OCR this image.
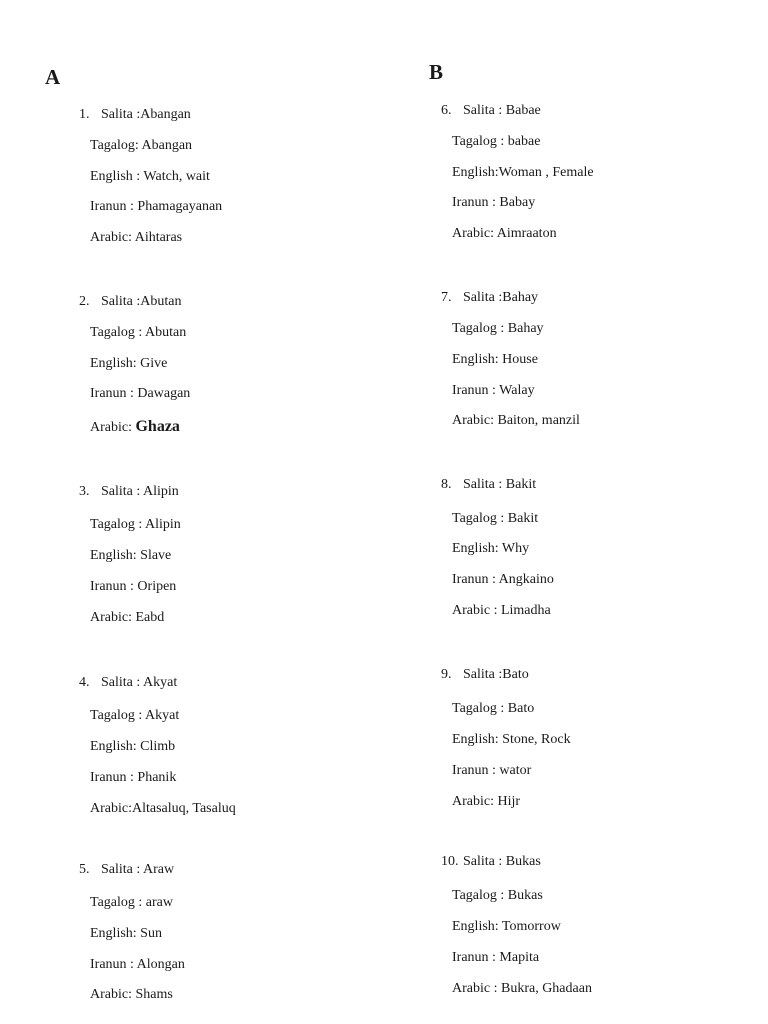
A	B
1. Salita :Abangan
Tagalog: Abangan
English : Watch, wait
Iranun : Phamagayanan
Arabic: Aihtaras
2. Salita :Abutan
Tagalog : Abutan
English: Give
Iranun : Dawagan
Arabic: Ghaza
3. Salita : Alipin
Tagalog : Alipin
English: Slave
Iranun : Oripen
Arabic: Eabd
4. Salita : Akyat
Tagalog : Akyat
English: Climb
Iranun : Phanik
Arabic:Altasaluq, Tasaluq
5. Salita : Araw
Tagalog : araw
English: Sun
Iranun : Alongan
Arabic: Shams
6. Salita : Babae
Tagalog : babae
English:Woman , Female
Iranun : Babay
Arabic: Aimraaton
7. Salita :Bahay
Tagalog : Bahay
English: House
Iranun : Walay
Arabic: Baiton, manzil
8. Salita : Bakit
Tagalog : Bakit
English: Why
Iranun : Angkaino
Arabic : Limadha
9. Salita :Bato
Tagalog : Bato
English: Stone, Rock
Iranun : wator
Arabic: Hijr
10. Salita : Bukas
Tagalog : Bukas
English: Tomorrow
Iranun : Mapita
Arabic : Bukra, Ghadaan
